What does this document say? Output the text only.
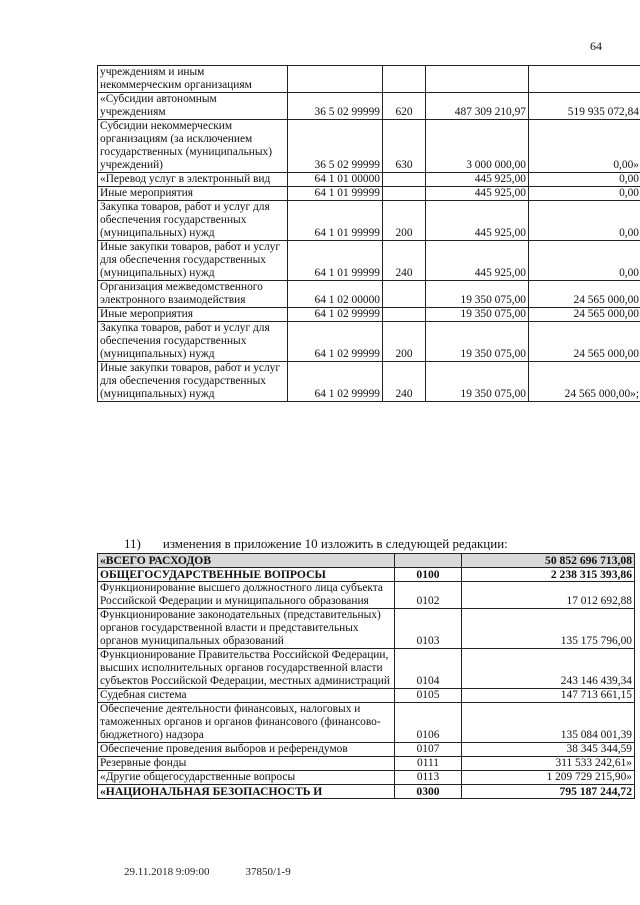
64
учреждениям и иным некоммерческим организациям				
«Субсидии автономным учреждениям	36 5 02 99999	620	487 309 210,97	519 935 072,84
Субсидии некоммерческим организациям (за исключением государственных (муниципальных) учреждений)	36 5 02 99999	630	3 000 000,00	0,00»
«Перевод услуг в электронный вид	64 1 01 00000		445 925,00	0,00
Иные мероприятия	64 1 01 99999		445 925,00	0,00
Закупка товаров, работ и услуг для обеспечения государственных (муниципальных) нужд	64 1 01 99999	200	445 925,00	0,00
Иные закупки товаров, работ и услуг для обеспечения государственных (муниципальных) нужд	64 1 01 99999	240	445 925,00	0,00
Организация межведомственного электронного взаимодействия	64 1 02 00000		19 350 075,00	24 565 000,00
Иные мероприятия	64 1 02 99999		19 350 075,00	24 565 000,00
Закупка товаров, работ и услуг для обеспечения государственных (муниципальных) нужд	64 1 02 99999	200	19 350 075,00	24 565 000,00
Иные закупки товаров, работ и услуг для обеспечения государственных (муниципальных) нужд	64 1 02 99999	240	19 350 075,00	24 565 000,00»;
11) изменения в приложение 10 изложить в следующей редакции:
«ВСЕГО РАСХОДОВ		50 852 696 713,08
ОБЩЕГОСУДАРСТВЕННЫЕ ВОПРОСЫ	0100	2 238 315 393,86
Функционирование высшего должностного лица субъекта Российской Федерации и муниципального образования	0102	17 012 692,88
Функционирование законодательных (представительных) органов государственной власти и представительных органов муниципальных образований	0103	135 175 796,00
Функционирование Правительства Российской Федерации, высших исполнительных органов государственной власти субъектов Российской Федерации, местных администраций	0104	243 146 439,34
Судебная система	0105	147 713 661,15
Обеспечение деятельности финансовых, налоговых и таможенных органов и органов финансового (финансово-бюджетного) надзора	0106	135 084 001,39
Обеспечение проведения выборов и референдумов	0107	38 345 344,59
Резервные фонды	0111	311 533 242,61»
«Другие общегосударственные вопросы	0113	1 209 729 215,90»
«НАЦИОНАЛЬНАЯ БЕЗОПАСНОСТЬ И	0300	795 187 244,72
29.11.2018 9:09:00	37850/1-9
